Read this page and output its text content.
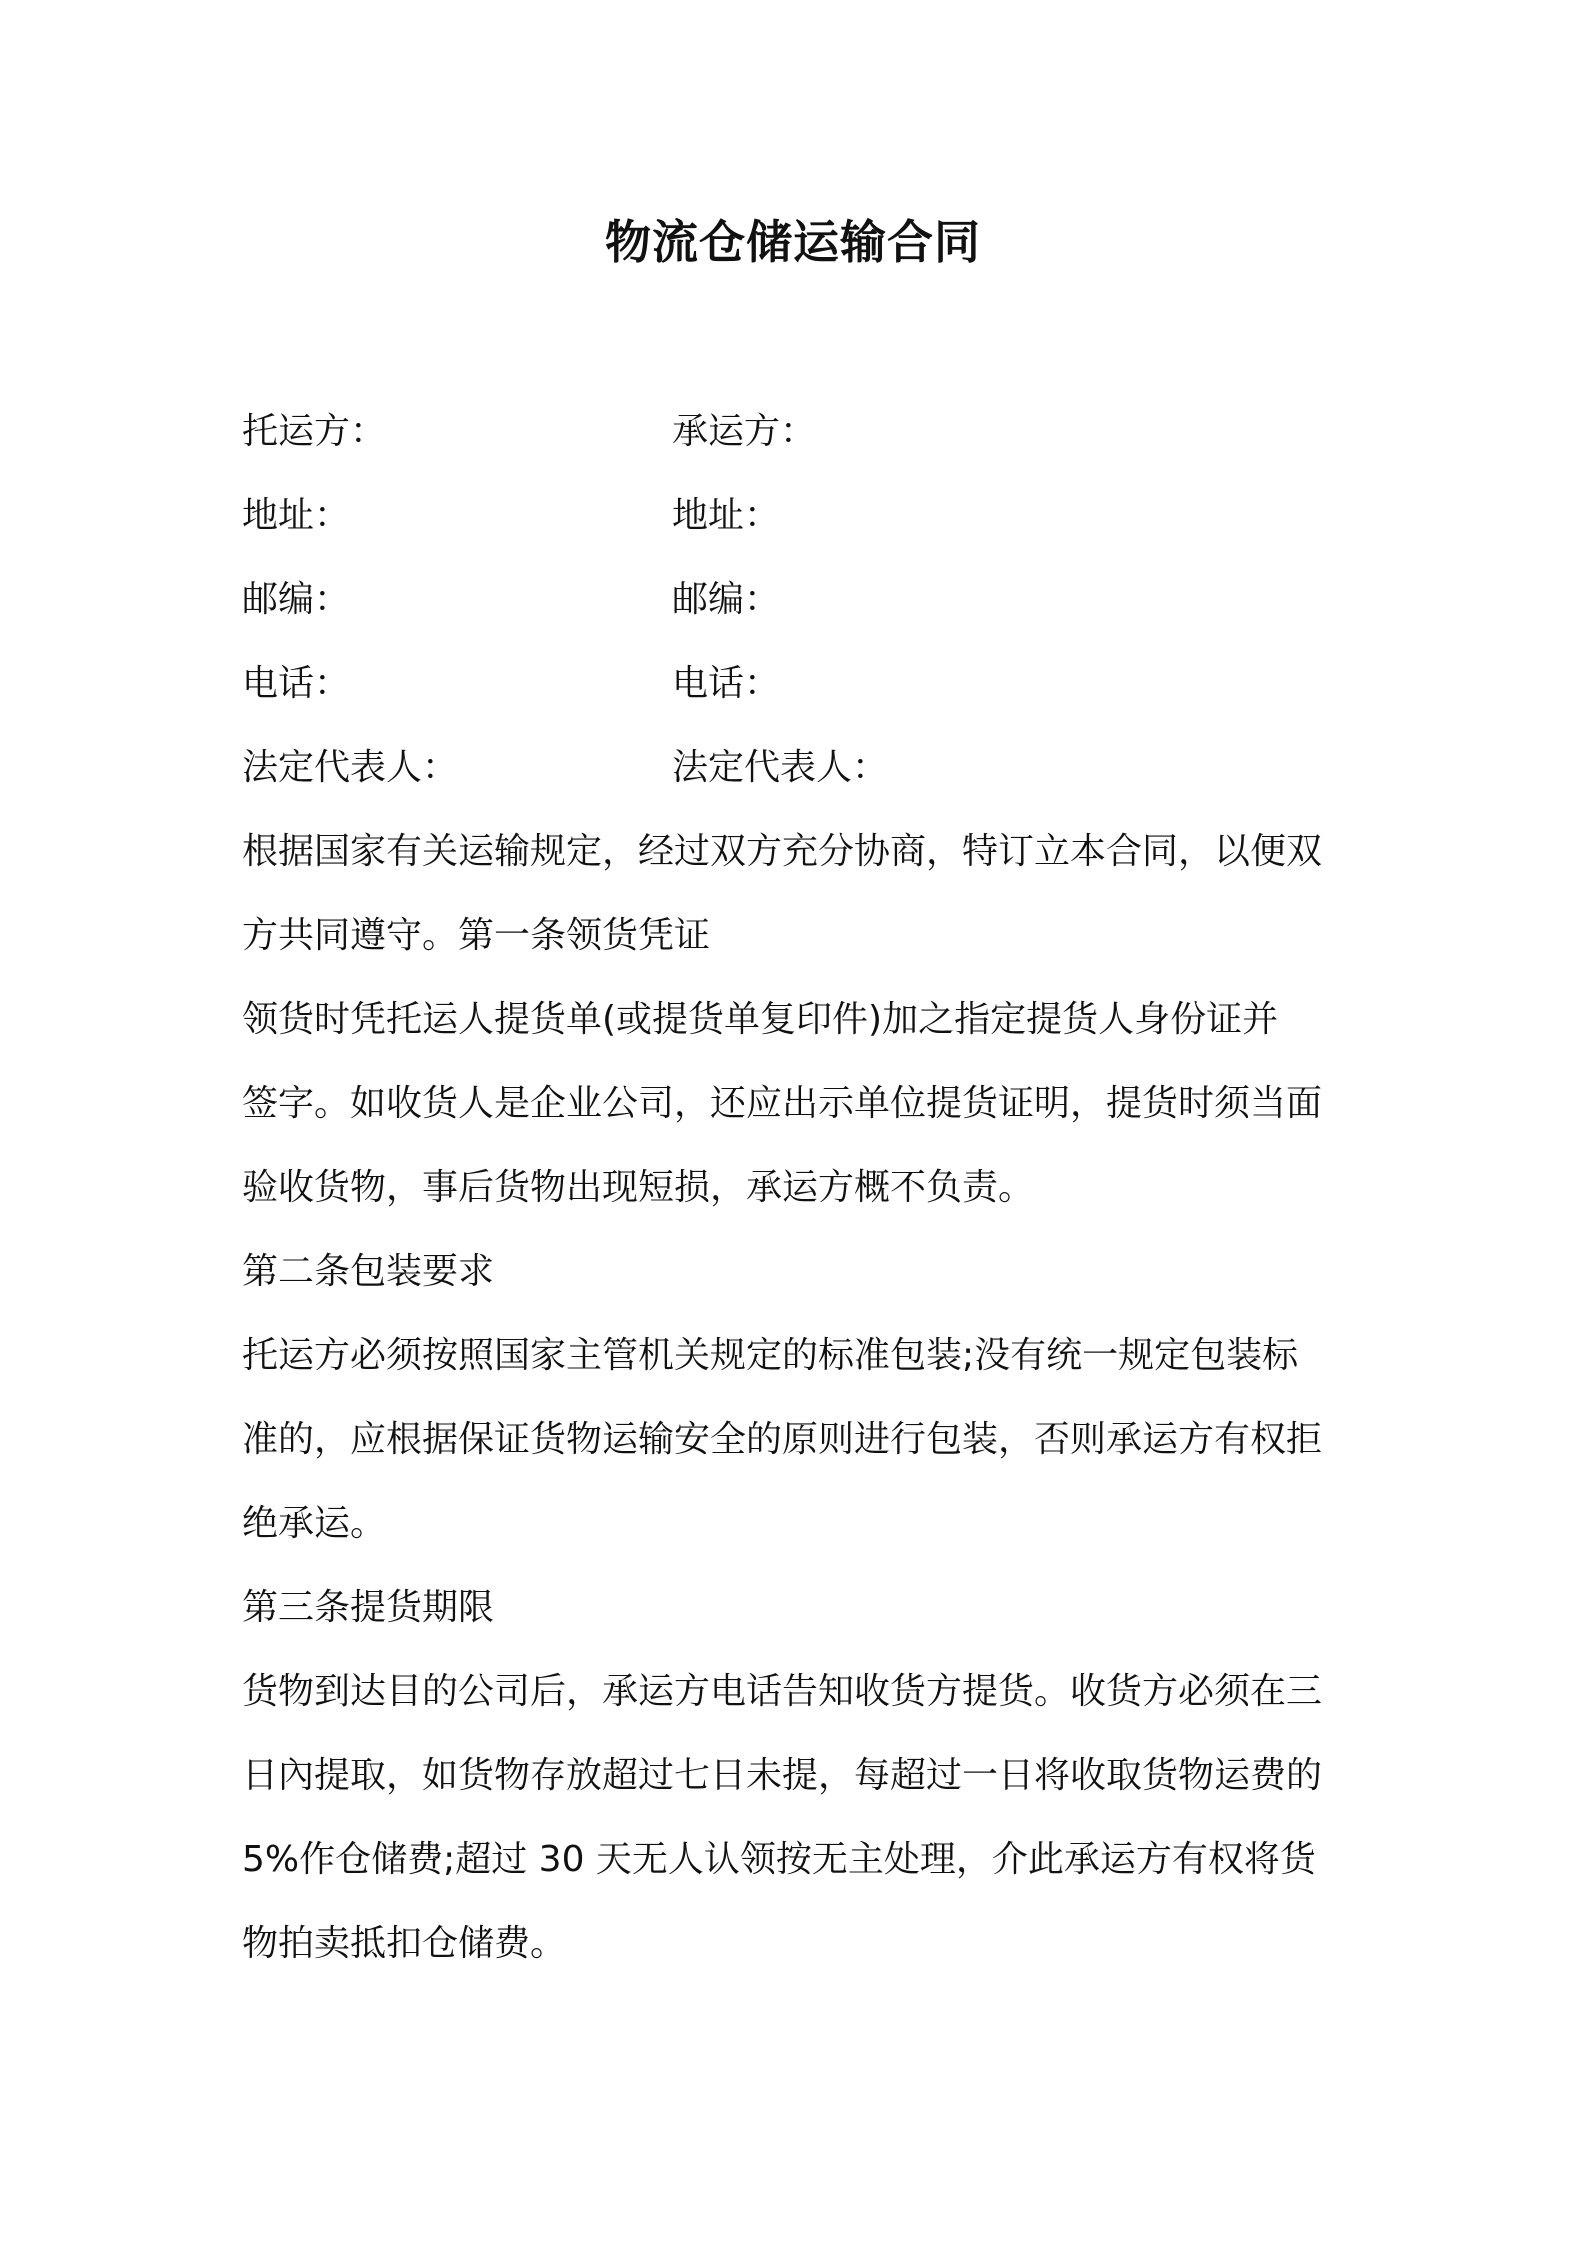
物流仓储运输合同
托运方：	承运方：
地址：	地址：
邮编：	邮编：
电话：	电话：
法定代表人：	法定代表人：
根据国家有关运输规定，经过双方充分协商，特订立本合同，以便双
方共同遵守。第一条领货凭证
领货时凭托运人提货单(或提货单复印件)加之指定提货人身份证并
签字。如收货人是企业公司，还应出示单位提货证明，提货时须当面
验收货物，事后货物出现短损，承运方概不负责。
第二条包装要求
托运方必须按照国家主管机关规定的标准包装;没有统一规定包装标
准的，应根据保证货物运输安全的原则进行包装，否则承运方有权拒
绝承运。
第三条提货期限
货物到达目的公司后，承运方电话告知收货方提货。收货方必须在三
日內提取，如货物存放超过七日未提，每超过一日将收取货物运费的
5%作仓储费;超过 30 天无人认领按无主处理，介此承运方有权将货
物拍卖抵扣仓储费。
